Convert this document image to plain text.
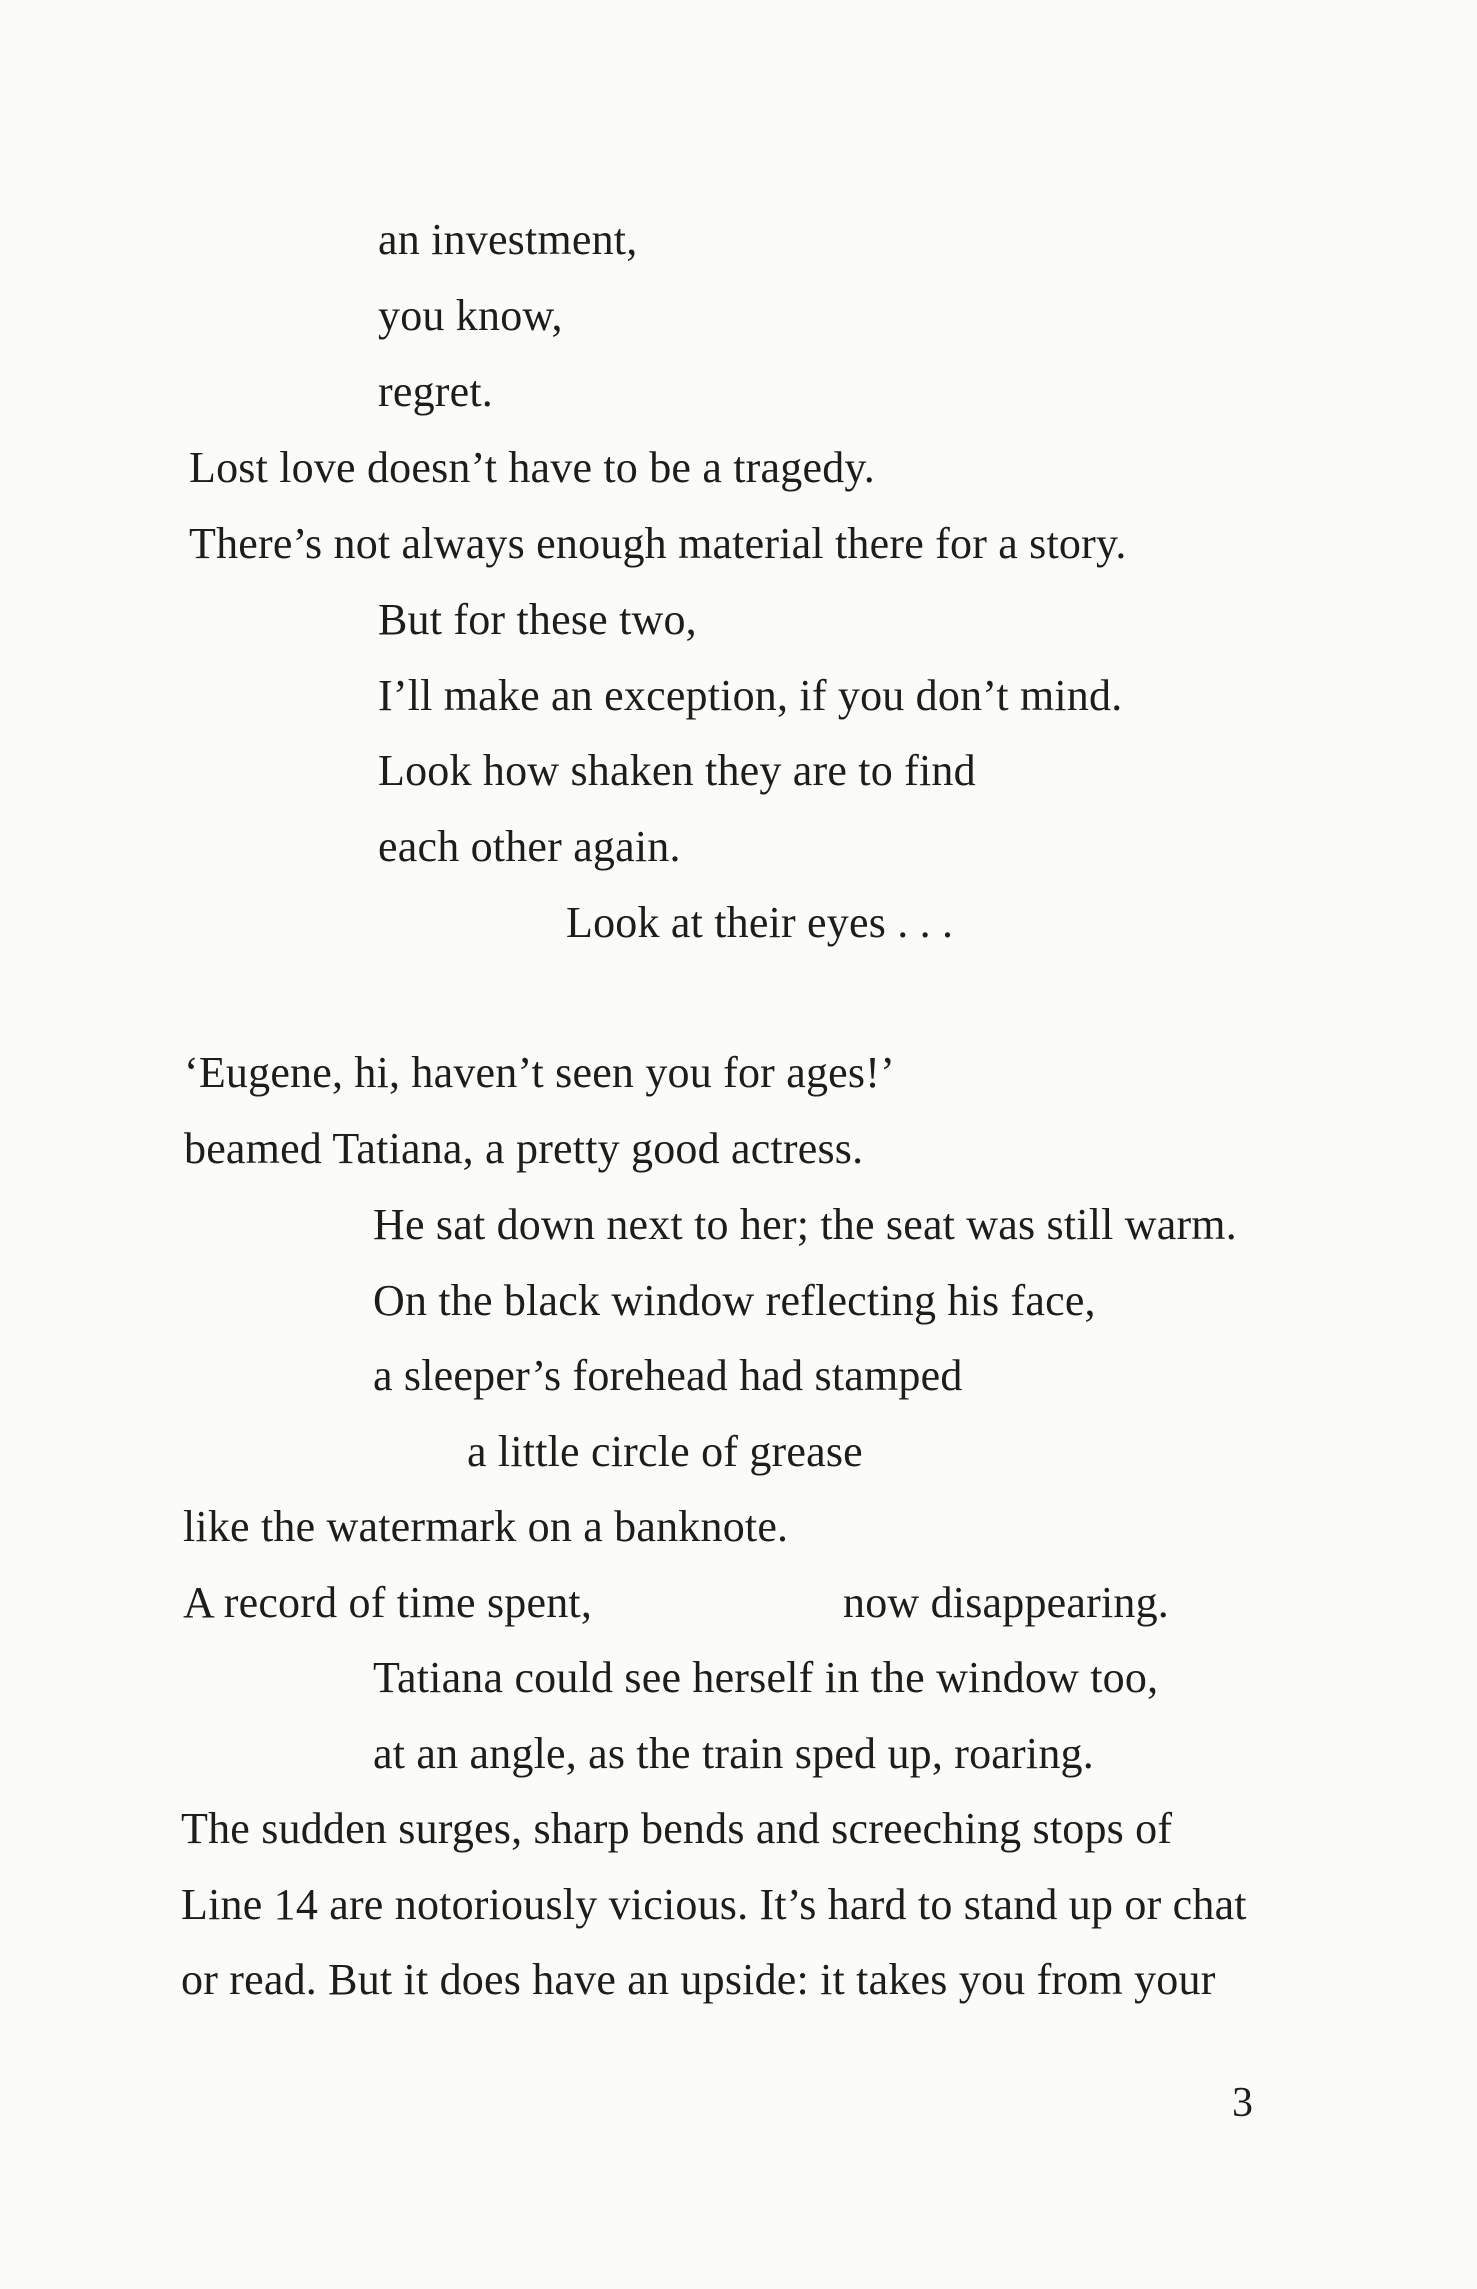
an investment,
you know,
regret.
Lost love doesn’t have to be a tragedy.
There’s not always enough material there for a story.
But for these two,
I’ll make an exception, if you don’t mind.
Look how shaken they are to find
each other again.
Look at their eyes . . .
‘Eugene, hi, haven’t seen you for ages!’
beamed Tatiana, a pretty good actress.
He sat down next to her; the seat was still warm.
On the black window reflecting his face,
a sleeper’s forehead had stamped
a little circle of grease
like the watermark on a banknote.
A record of time spent,	now disappearing.
Tatiana could see herself in the window too,
at an angle, as the train sped up, roaring.
The sudden surges, sharp bends and screeching stops of
Line 14 are notoriously vicious. It’s hard to stand up or chat
or read. But it does have an upside: it takes you from your
3
